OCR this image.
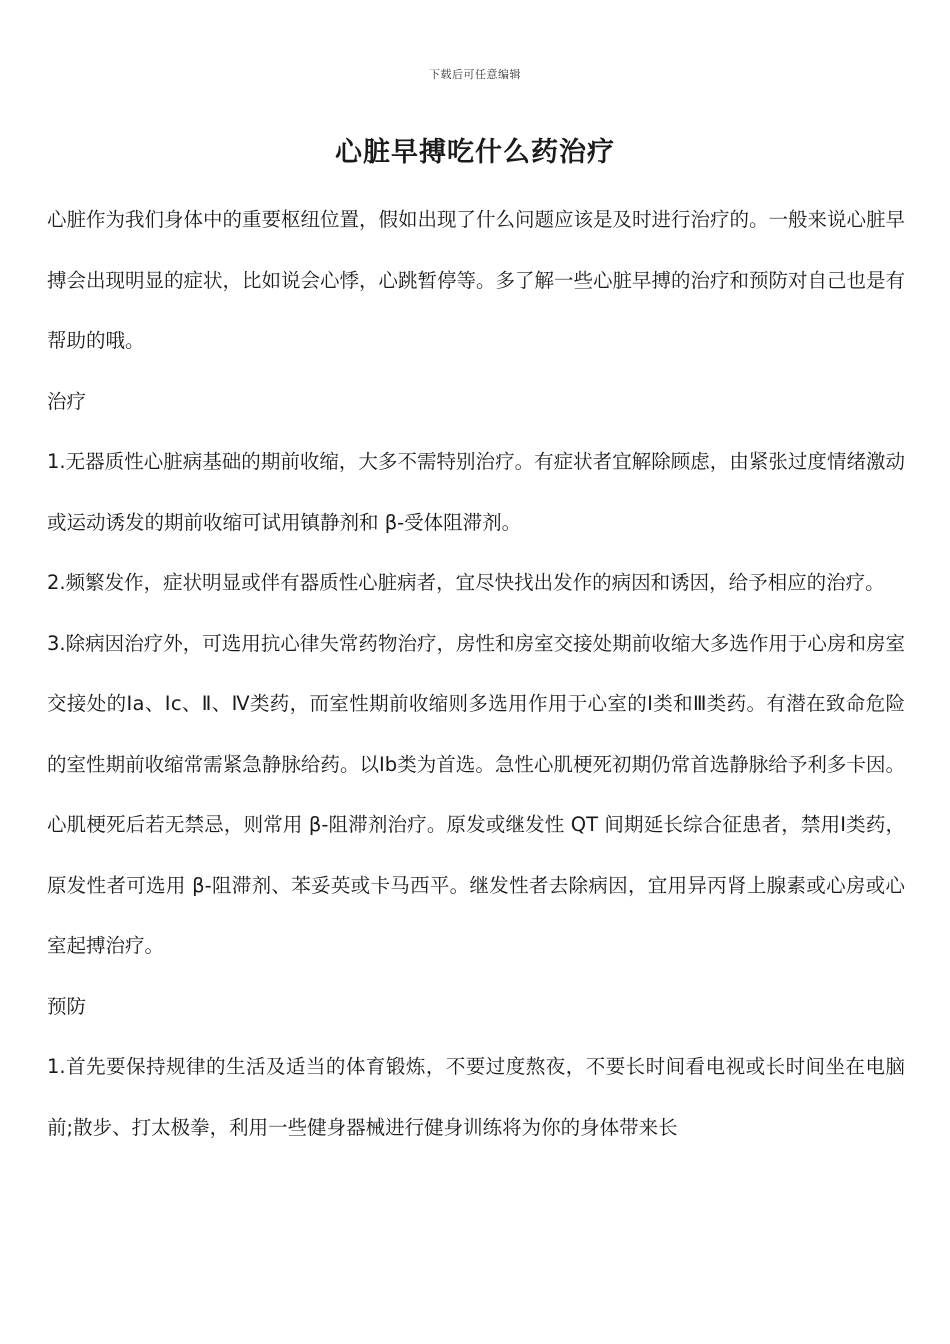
下载后可任意编辑
心脏早搏吃什么药治疗

心脏作为我们身体中的重要枢纽位置，假如出现了什么问题应该是及时进行治疗的。一般来说心脏早搏会出现明显的症状，比如说会心悸，心跳暂停等。多了解一些心脏早搏的治疗和预防对自己也是有帮助的哦。

治疗

1.无器质性心脏病基础的期前收缩，大多不需特别治疗。有症状者宜解除顾虑，由紧张过度情绪激动或运动诱发的期前收缩可试用镇静剂和 β-受体阻滞剂。

2.频繁发作，症状明显或伴有器质性心脏病者，宜尽快找出发作的病因和诱因，给予相应的治疗。

3.除病因治疗外，可选用抗心律失常药物治疗，房性和房室交接处期前收缩大多选作用于心房和房室交接处的Ⅰa、Ⅰc、Ⅱ、Ⅳ类药，而室性期前收缩则多选用作用于心室的Ⅰ类和Ⅲ类药。有潜在致命危险的室性期前收缩常需紧急静脉给药。以Ⅰb类为首选。急性心肌梗死初期仍常首选静脉给予利多卡因。心肌梗死后若无禁忌，则常用 β-阻滞剂治疗。原发或继发性 QT 间期延长综合征患者，禁用Ⅰ类药，原发性者可选用 β-阻滞剂、苯妥英或卡马西平。继发性者去除病因，宜用异丙肾上腺素或心房或心室起搏治疗。

预防

1.首先要保持规律的生活及适当的体育锻炼，不要过度熬夜，不要长时间看电视或长时间坐在电脑前;散步、打太极拳，利用一些健身器械进行健身训练将为你的身体带来长
